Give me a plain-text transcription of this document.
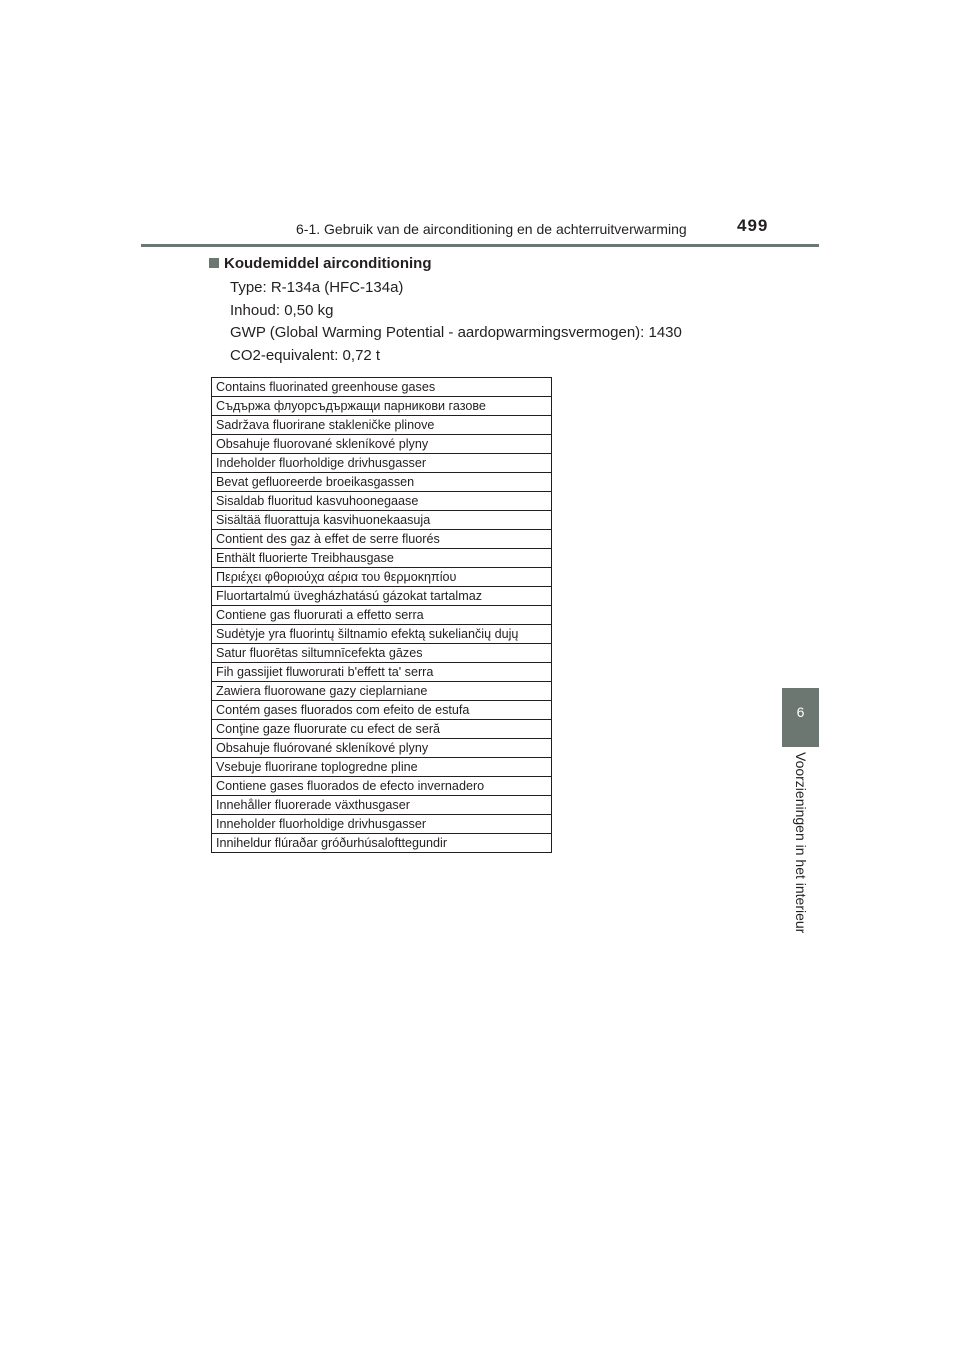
6-1. Gebruik van de airconditioning en de achterruitverwarming	499
6
Voorzieningen in het interieur
Koudemiddel airconditioning
Type: R-134a (HFC-134a)
Inhoud: 0,50 kg
GWP (Global Warming Potential - aardopwarmingsvermogen): 1430
CO2-equivalent: 0,72 t
Contains fluorinated greenhouse gases
Съдържа флуорсъдържащи парникови газове
Sadržava fluorirane stakleničke plinove
Obsahuje fluorované skleníkové plyny
Indeholder fluorholdige drivhusgasser
Bevat gefluoreerde broeikasgassen
Sisaldab fluoritud kasvuhoonegaase
Sisältää fluorattuja kasvihuonekaasuja
Contient des gaz à effet de serre fluorés
Enthält fluorierte Treibhausgase
Περιέχει φθοριούχα αέρια του θερμοκηπίου
Fluortartalmú üvegházhatású gázokat tartalmaz
Contiene gas fluorurati a effetto serra
Sudėtyje yra fluorintų šiltnamio efektą sukeliančių dujų
Satur fluorētas siltumnīcefekta gāzes
Fih gassijiet fluworurati b'effett ta' serra
Zawiera fluorowane gazy cieplarniane
Contém gases fluorados com efeito de estufa
Conţine gaze fluorurate cu efect de seră
Obsahuje fluórované skleníkové plyny
Vsebuje fluorirane toplogredne pline
Contiene gases fluorados de efecto invernadero
Innehåller fluorerade växthusgaser
Inneholder fluorholdige drivhusgasser
Inniheldur flúraðar gróðurhúsalofttegundir
